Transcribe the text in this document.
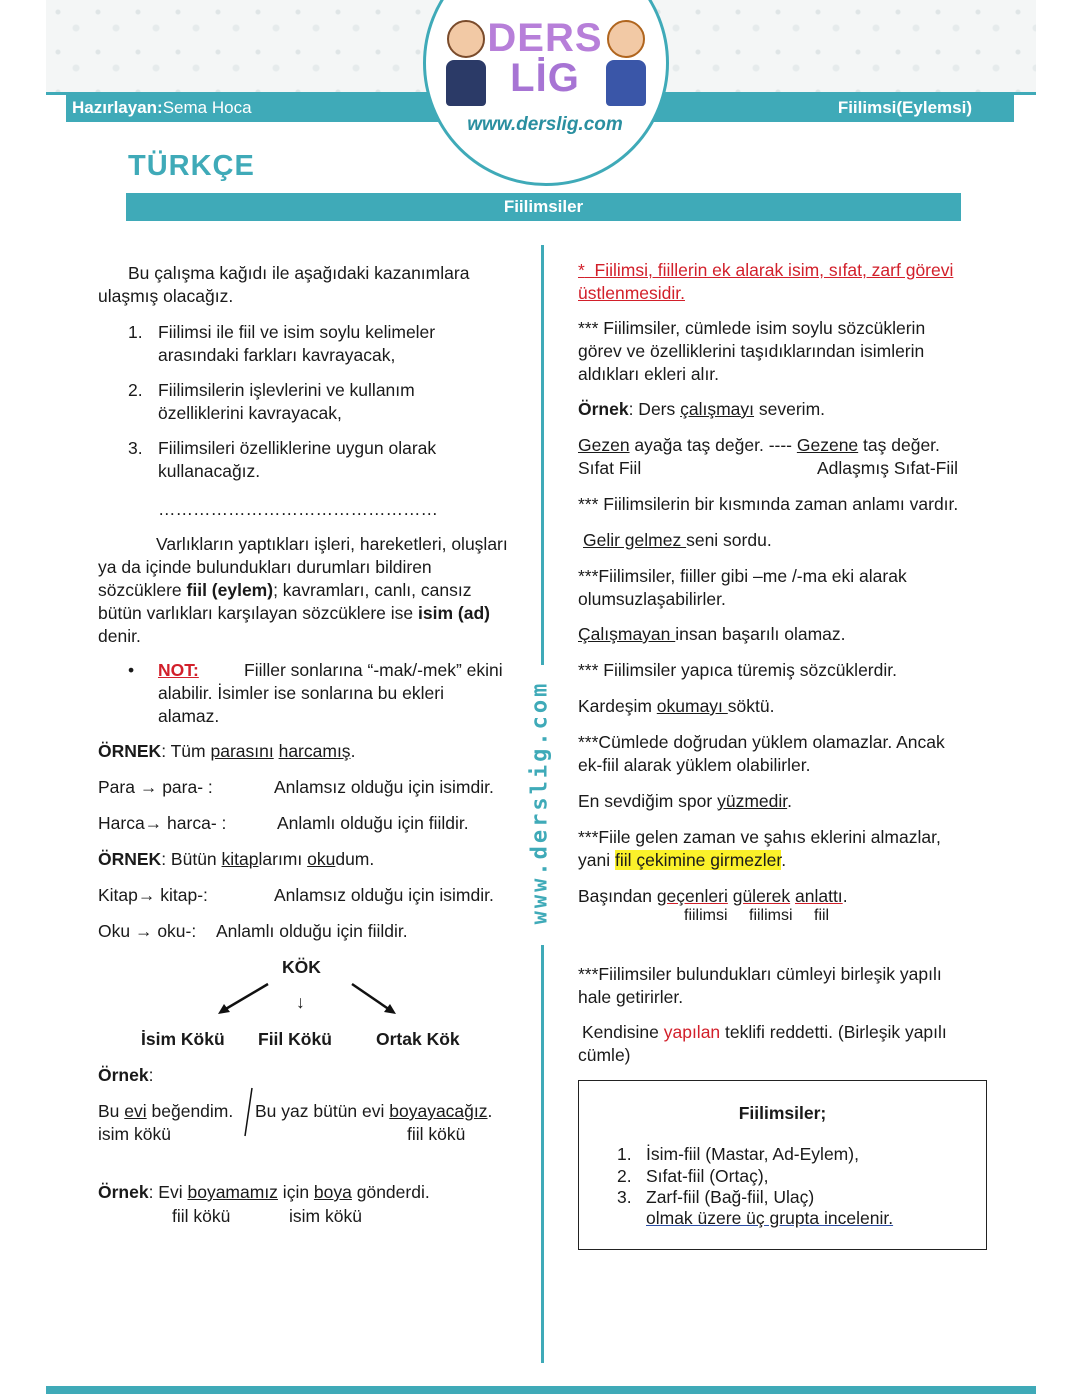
Hazırlayan:Sema Hoca	Fiilimsi(Eylemsi)
DERS
LİG
www.derslig.com
TÜRKÇE
Fiilimsiler
www.derslig.com
Bu çalışma kağıdı ile aşağıdaki kazanımlara ulaşmış olacağız.
1. Fiilimsi ile fiil ve isim soylu kelimeler arasındaki farkları kavrayacak,
2. Fiilimsilerin işlevlerini ve kullanım özelliklerini kavrayacak,
3. Fiilimsileri özelliklerine uygun olarak kullanacağız.
…………………………………………
Varlıkların yaptıkları işleri, hareketleri, oluşları ya da içinde bulundukları durumları bildiren sözcüklere fiil (eylem); kavramları, canlı, cansız bütün varlıkları karşılayan sözcüklere ise isim (ad) denir.
• NOT:	Fiiller sonlarına “-mak/-mek” ekini alabilir. İsimler ise sonlarına bu ekleri alamaz.
ÖRNEK: Tüm parasını harcamış.
Para → para- :	Anlamsız olduğu için isimdir.
Harca→ harca- :	Anlamlı olduğu için fiildir.
ÖRNEK: Bütün kitaplarımı okudum.
Kitap→ kitap-:	Anlamsız olduğu için isimdir.
Oku → oku-: Anlamlı olduğu için fiildir.
KÖK
↓
İsim Kökü Fiil Kökü	Ortak Kök
Örnek:
Bu evi beğendim.
isim kökü
Bu yaz bütün evi boyayacağız.
fiil kökü
Örnek: Evi boyamamız için boya gönderdi.
fiil kökü	isim kökü
* Fiilimsi, fiillerin ek alarak isim, sıfat, zarf görevi üstlenmesidir.
*** Fiilimsiler, cümlede isim soylu sözcüklerin görev ve özelliklerini taşıdıklarından isimlerin aldıkları ekleri alır.
Örnek: Ders çalışmayı severim.
Gezen ayağa taş değer. ---- Gezene taş değer.
Sıfat Fiil	Adlaşmış Sıfat-Fiil
*** Fiilimsilerin bir kısmında zaman anlamı vardır.
Gelir gelmez seni sordu.
***Fiilimsiler, fiiller gibi –me /-ma eki alarak olumsuzlaşabilirler.
Çalışmayan insan başarılı olamaz.
*** Fiilimsiler yapıca türemiş sözcüklerdir.
Kardeşim okumayı söktü.
***Cümlede doğrudan yüklem olamazlar. Ancak ek-fiil alarak yüklem olabilirler.
En sevdiğim spor yüzmedir.
***Fiile gelen zaman ve şahıs eklerini almazlar, yani fiil çekimine girmezler.
Başından geçenleri gülerek anlattı.
fiilimsi fiilimsi fiil
***Fiilimsiler bulundukları cümleyi birleşik yapılı hale getirirler.
Kendisine yapılan teklifi reddetti. (Birleşik yapılı cümle)
Fiilimsiler;
1. İsim-fiil (Mastar, Ad-Eylem),
2. Sıfat-fiil (Ortaç),
3. Zarf-fiil (Bağ-fiil, Ulaç)
olmak üzere üç grupta incelenir.
